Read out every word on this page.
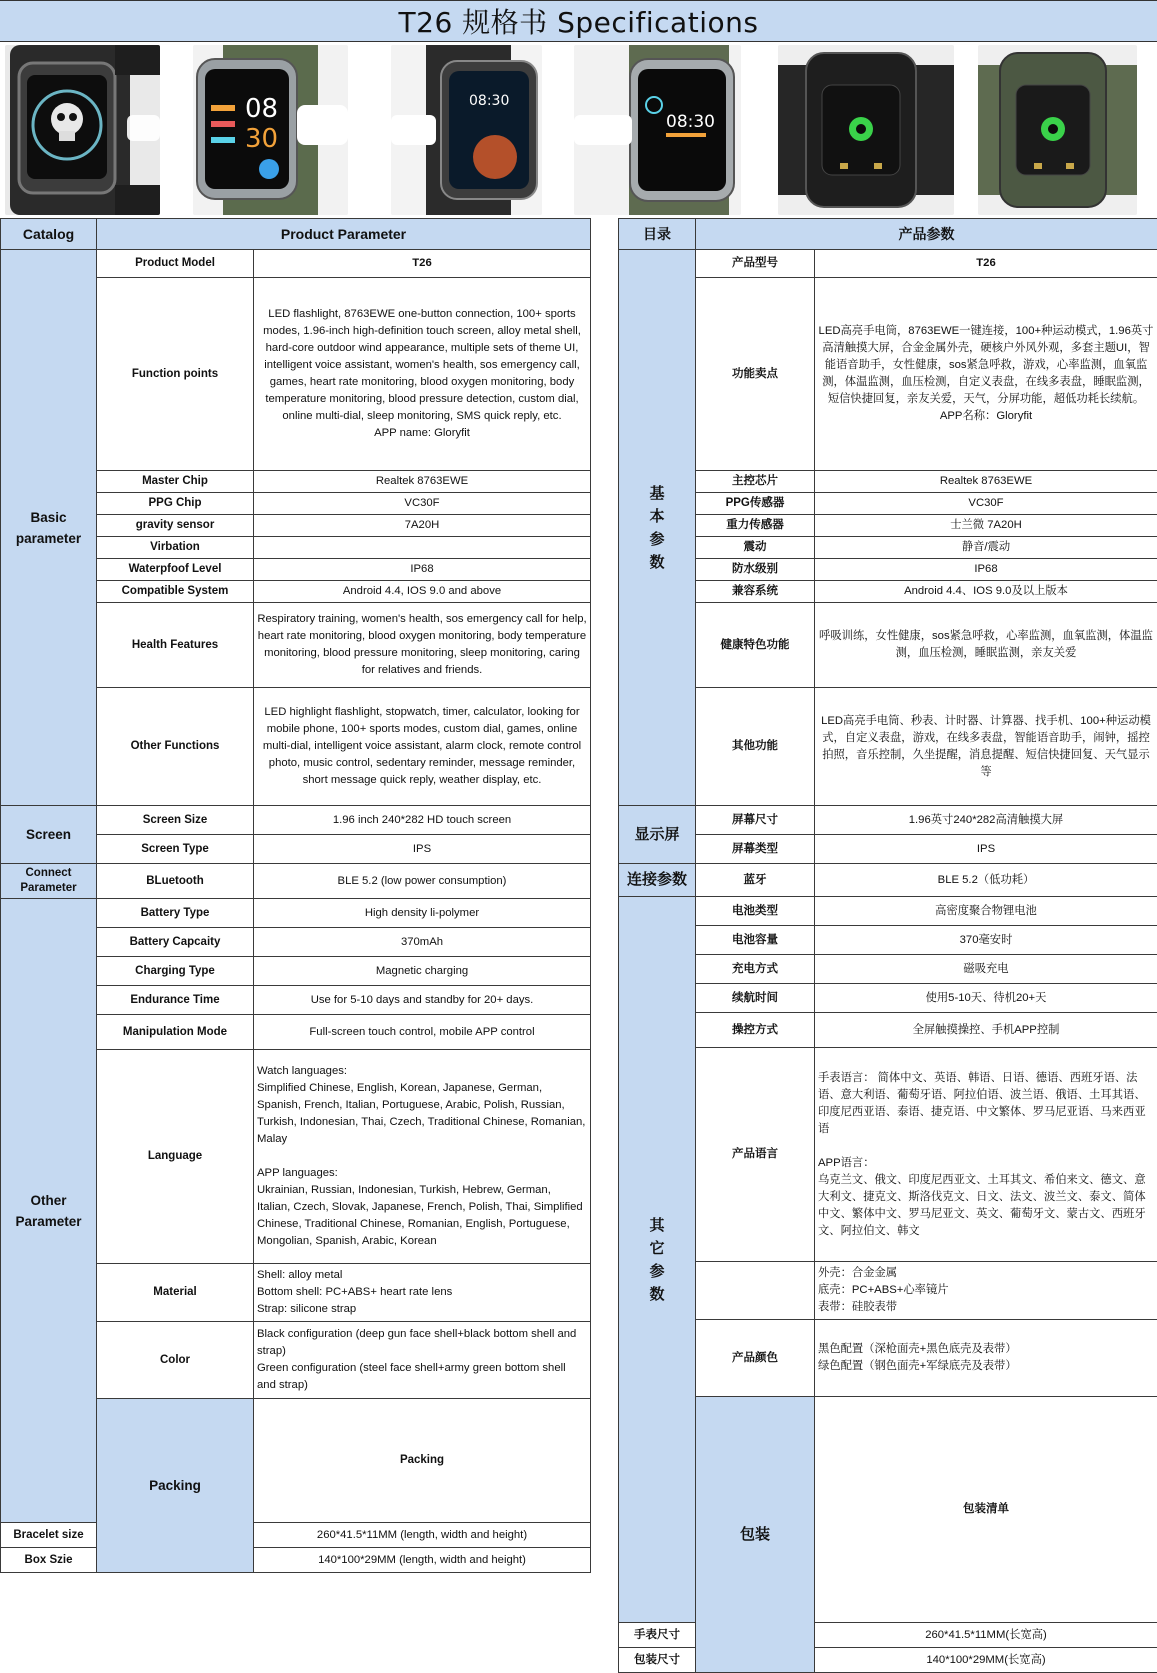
T26 规格书 Specifications
08
30
08:30
08:30
Catalog	Product Parameter		
Basic
parameter	Product Model	T26	
	Function points	LED flashlight, 8763EWE one-button connection, 100+ sports modes, 1.96-inch high-definition touch screen, alloy metal shell, hard-core outdoor wind appearance, multiple sets of theme UI, intelligent voice assistant, women's health, sos emergency call, games, heart rate monitoring, blood oxygen monitoring, body temperature monitoring, blood pressure detection, custom dial, online multi-dial, sleep monitoring, SMS quick reply, etc.
APP name: Gloryfit	
	Master Chip	Realtek 8763EWE	
	PPG Chip	VC30F	
	gravity sensor	7A20H	
	Virbation		
	Waterpfoof Level	IP68	
	Compatible System	Android 4.4, IOS 9.0 and above	
	Health Features	Respiratory training, women's health, sos emergency call for help, heart rate monitoring, blood oxygen monitoring, body temperature monitoring, blood pressure monitoring, sleep monitoring, caring for relatives and friends.	
	Other Functions	LED highlight flashlight, stopwatch, timer, calculator, looking for mobile phone, 100+ sports modes, custom dial, games, online multi-dial, intelligent voice assistant, alarm clock, remote control photo, music control, sedentary reminder, message reminder, short message quick reply, weather display, etc.	
Screen	Screen Size	1.96 inch 240*282 HD touch screen	
	Screen Type	IPS	
Connect
Parameter	BLuetooth	BLE 5.2 (low power consumption)	
Other
Parameter	Battery Type	High density li-polymer	
	Battery Capcaity	370mAh	
	Charging Type	Magnetic charging	
	Endurance Time	Use for 5-10 days and standby for 20+ days.	
	Manipulation Mode	Full-screen touch control, mobile APP control	
	Language	Watch languages:
Simplified Chinese, English, Korean, Japanese, German, Spanish, French, Italian, Portuguese, Arabic, Polish, Russian, Turkish, Indonesian, Thai, Czech, Traditional Chinese, Romanian, Malay

APP languages:
Ukrainian, Russian, Indonesian, Turkish, Hebrew, German, Italian, Czech, Slovak, Japanese, French, Polish, Thai, Simplified Chinese, Traditional Chinese, Romanian, English, Portuguese, Mongolian, Spanish, Arabic, Korean	
	Material	Shell: alloy metal
Bottom shell: PC+ABS+ heart rate lens
Strap: silicone strap	
	Color	Black configuration (deep gun face shell+black bottom shell and strap)
Green configuration (steel face shell+army green bottom shell and strap)	
	Packing	Packing	
Bracelet size		260*41.5*11MM (length, width and height)	
Box Szie		140*100*29MM (length, width and height)	
目录	产品参数		
基
本
参
数	产品型号	T26	
	功能卖点	LED高亮手电筒，8763EWE一键连接，100+种运动模式，1.96英寸高清触摸大屏，合金金属外壳，硬核户外风外观，多套主题UI，智能语音助手，女性健康，sos紧急呼救，游戏，心率监测，血氧监测，体温监测，血压检测，自定义表盘，在线多表盘，睡眠监测，短信快捷回复，亲友关爱，天气，分屏功能，超低功耗长续航。
APP名称：Gloryfit	
	主控芯片	Realtek 8763EWE	
	PPG传感器	VC30F	
	重力传感器	士兰微 7A20H	
	震动	静音/震动	
	防水级别	IP68	
	兼容系统	Android 4.4、IOS 9.0及以上版本	
	健康特色功能	呼吸训练，女性健康，sos紧急呼救，心率监测，血氧监测，体温监测，血压检测，睡眠监测，亲友关爱	
	其他功能	LED高亮手电筒、秒表、计时器、计算器、找手机、100+种运动模式，自定义表盘，游戏，在线多表盘，智能语音助手，闹钟，摇控拍照，音乐控制，久坐提醒，消息提醒、短信快捷回复、天气显示等	
显示屏	屏幕尺寸	1.96英寸240*282高清触摸大屏	
	屏幕类型	IPS	
连接参数	蓝牙	BLE 5.2（低功耗）	
其
它
参
数	电池类型	高密度聚合物锂电池	
	电池容量	370毫安时	
	充电方式	磁吸充电	
	续航时间	使用5-10天、待机20+天	
	操控方式	全屏触摸操控、手机APP控制	
	产品语言	手表语言： 简体中文、英语、韩语、日语、德语、西班牙语、法语、意大利语、葡萄牙语、阿拉伯语、波兰语、俄语、土耳其语、印度尼西亚语、泰语、捷克语、中文繁体、罗马尼亚语、马来西亚语

APP语言：
乌克兰文、俄文、印度尼西亚文、土耳其文、希伯来文、德文、意大利文、捷克文、斯洛伐克文、日文、法文、波兰文、泰文、简体中文、繁体中文、罗马尼亚文、英文、葡萄牙文、蒙古文、西班牙文、阿拉伯文、韩文	
		外壳：合金金属
底壳：PC+ABS+心率镜片
表带：硅胶表带	
	产品颜色	黑色配置（深枪面壳+黑色底壳及表带）
绿色配置（钢色面壳+军绿底壳及表带）	
	包装	包装清单	
手表尺寸		260*41.5*11MM(长宽高)	
包装尺寸		140*100*29MM(长宽高)	
